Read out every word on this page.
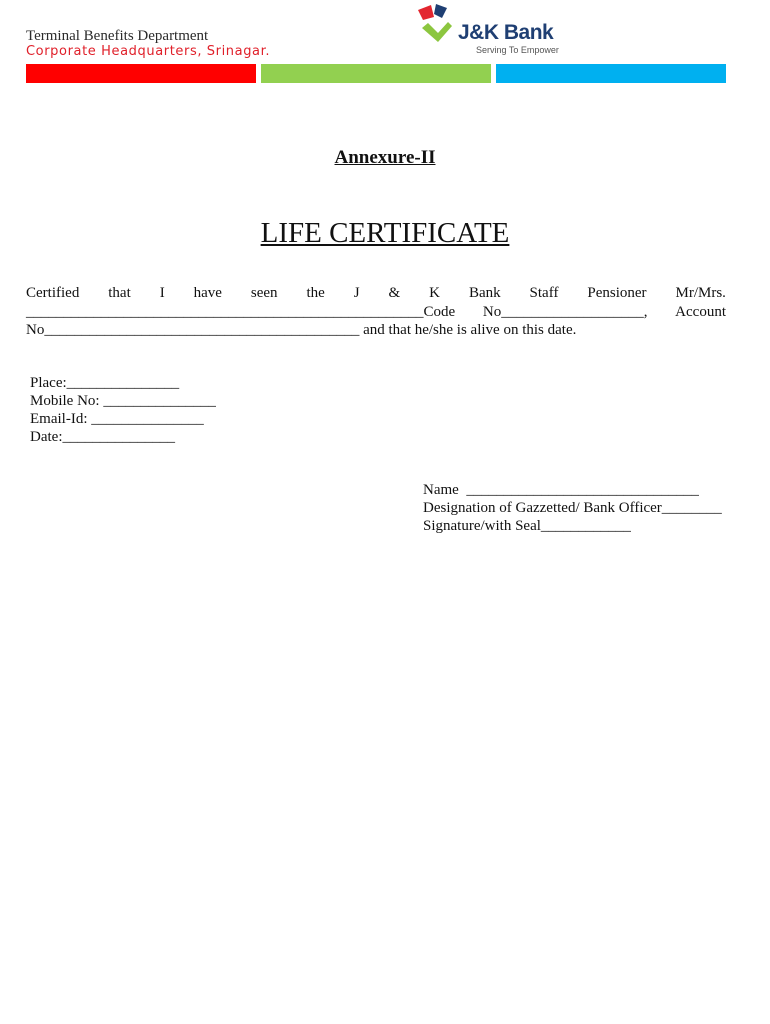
Terminal Benefits Department
Corporate Headquarters, Srinagar.
J&K Bank
Serving To Empower
Annexure-II
LIFE CERTIFICATE
Certified that I have seen the J & K Bank Staff Pensioner Mr/Mrs.
_____________________________________________________Code No___________________, Account
No__________________________________________ and that he/she is alive on this date.
Place:_______________
Mobile No: _______________
Email-Id: _______________
Date:_______________
Name  _______________________________
Designation of Gazzetted/ Bank Officer________
Signature/with Seal____________
